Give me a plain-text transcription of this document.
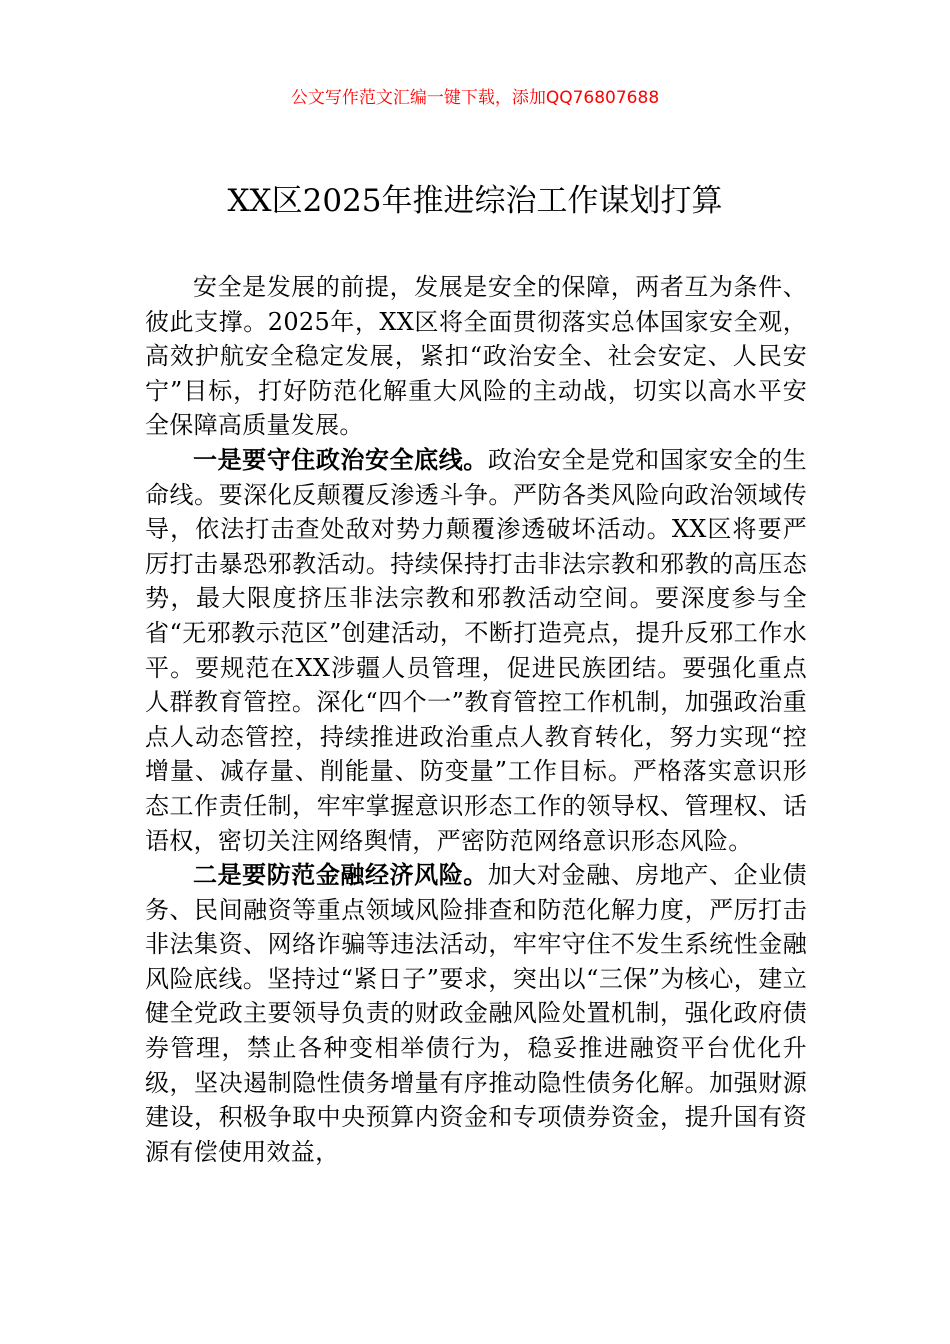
公文写作范文汇编一键下载，添加QQ76807688
XX区2025年推进综治工作谋划打算

安全是发展的前提，发展是安全的保障，两者互为条件、彼此支撑。2025年，XX区将全面贯彻落实总体国家安全观，高效护航安全稳定发展，紧扣“政治安全、社会安定、人民安宁”目标，打好防范化解重大风险的主动战，切实以高水平安全保障高质量发展。

一是要守住政治安全底线。政治安全是党和国家安全的生命线。要深化反颠覆反渗透斗争。严防各类风险向政治领域传导，依法打击查处敌对势力颠覆渗透破坏活动。XX区将要严厉打击暴恐邪教活动。持续保持打击非法宗教和邪教的高压态势，最大限度挤压非法宗教和邪教活动空间。要深度参与全省“无邪教示范区”创建活动，不断打造亮点，提升反邪工作水平。要规范在XX涉疆人员管理，促进民族团结。要强化重点人群教育管控。深化“四个一”教育管控工作机制，加强政治重点人动态管控，持续推进政治重点人教育转化，努力实现“控增量、减存量、削能量、防变量”工作目标。严格落实意识形态工作责任制，牢牢掌握意识形态工作的领导权、管理权、话语权，密切关注网络舆情，严密防范网络意识形态风险。

二是要防范金融经济风险。加大对金融、房地产、企业债务、民间融资等重点领域风险排查和防范化解力度，严厉打击非法集资、网络诈骗等违法活动，牢牢守住不发生系统性金融风险底线。坚持过“紧日子”要求，突出以“三保”为核心，建立健全党政主要领导负责的财政金融风险处置机制，强化政府债券管理，禁止各种变相举债行为，稳妥推进融资平台优化升级，坚决遏制隐性债务增量有序推动隐性债务化解。加强财源建设，积极争取中央预算内资金和专项债券资金，提升国有资源有偿使用效益，
